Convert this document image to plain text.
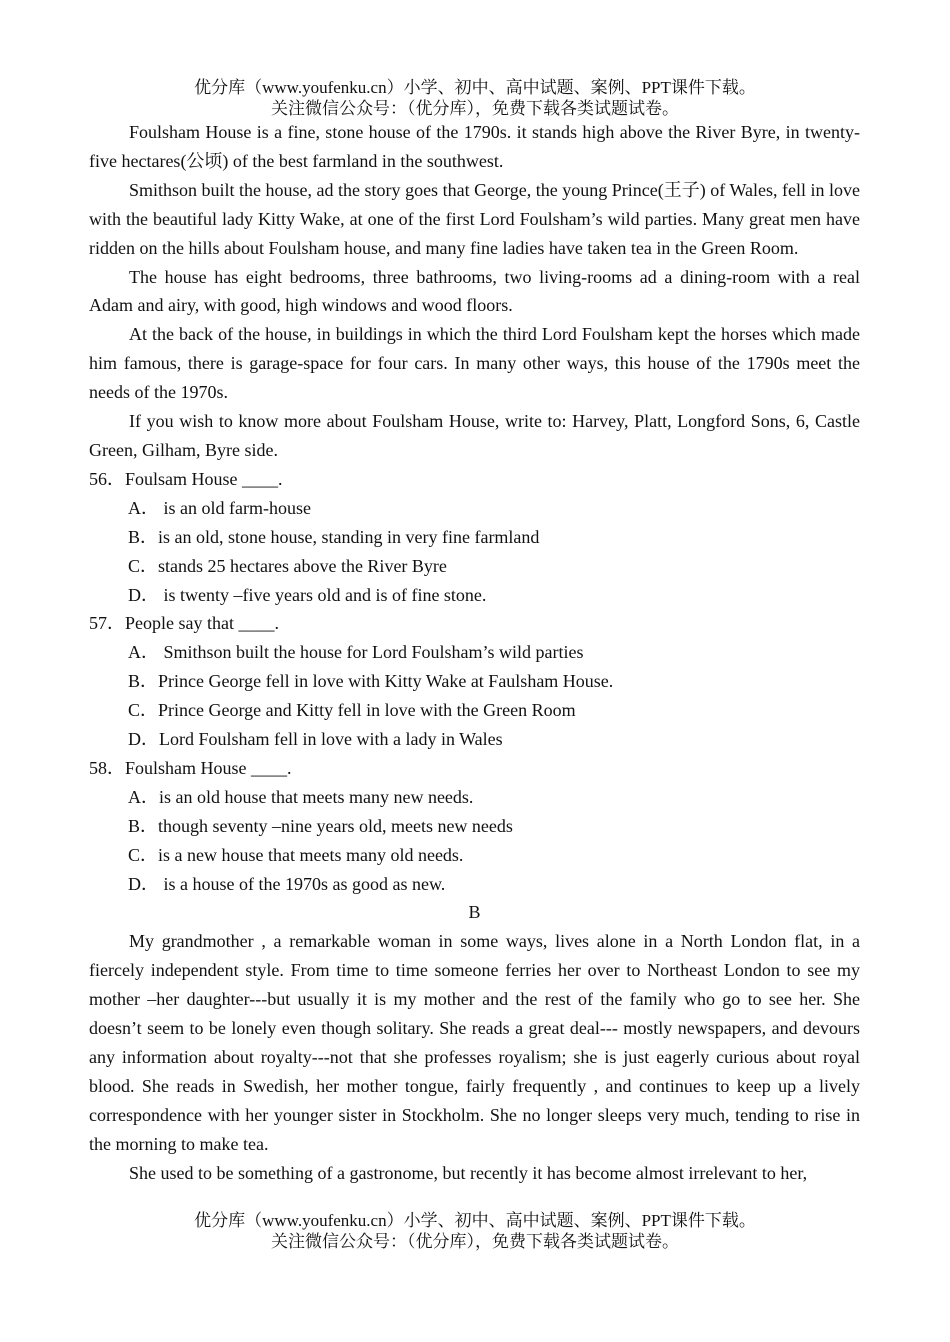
优分库（www.youfenku.cn）小学、初中、高中试题、案例、PPT课件下载。
关注微信公众号：（优分库），免费下载各类试题试卷。

Foulsham House is a fine, stone house of the 1790s. it stands high above the River Byre, in twenty-five hectares(公顷) of the best farmland in the southwest.

Smithson built the house, ad the story goes that George, the young Prince(王子) of Wales, fell in love with the beautiful lady Kitty Wake, at one of the first Lord Foulsham’s wild parties. Many great men have ridden on the hills about Foulsham house, and many fine ladies have taken tea in the Green Room.

The house has eight bedrooms, three bathrooms, two living-rooms ad a dining-room with a real Adam and airy, with good, high windows and wood floors.

At the back of the house, in buildings in which the third Lord Foulsham kept the horses which made him famous, there is garage-space for four cars. In many other ways, this house of the 1790s meet the needs of the 1970s.

If you wish to know more about Foulsham House, write to: Harvey, Platt, Longford Sons, 6, Castle Green, Gilham, Byre side.

56．Foulsam House ____.

A． is an old farm-house

B．is an old, stone house, standing in very fine farmland

C．stands 25 hectares above the River Byre

D． is twenty –five years old and is of fine stone.

57．People say that ____.

A． Smithson built the house for Lord Foulsham’s wild parties

B．Prince George fell in love with Kitty Wake at Faulsham House.

C．Prince George and Kitty fell in love with the Green Room

D．Lord Foulsham fell in love with a lady in Wales

58．Foulsham House ____.

A．is an old house that meets many new needs.

B．though seventy –nine years old, meets new needs

C．is a new house that meets many old needs.

D． is a house of the 1970s as good as new.

B

My grandmother , a remarkable woman in some ways, lives alone in a North London flat, in a fiercely independent style. From time to time someone ferries her over to Northeast London to see my mother –her daughter---but usually it is my mother and the rest of the family who go to see her. She doesn’t seem to be lonely even though solitary. She reads a great deal--- mostly newspapers, and devours any information about royalty---not that she professes royalism; she is just eagerly curious about royal blood. She reads in Swedish, her mother tongue, fairly frequently , and continues to keep up a lively correspondence with her younger sister in Stockholm. She no longer sleeps very much, tending to rise in the morning to make tea.

She used to be something of a gastronome, but recently it has become almost irrelevant to her,

优分库（www.youfenku.cn）小学、初中、高中试题、案例、PPT课件下载。
关注微信公众号：（优分库），免费下载各类试题试卷。
